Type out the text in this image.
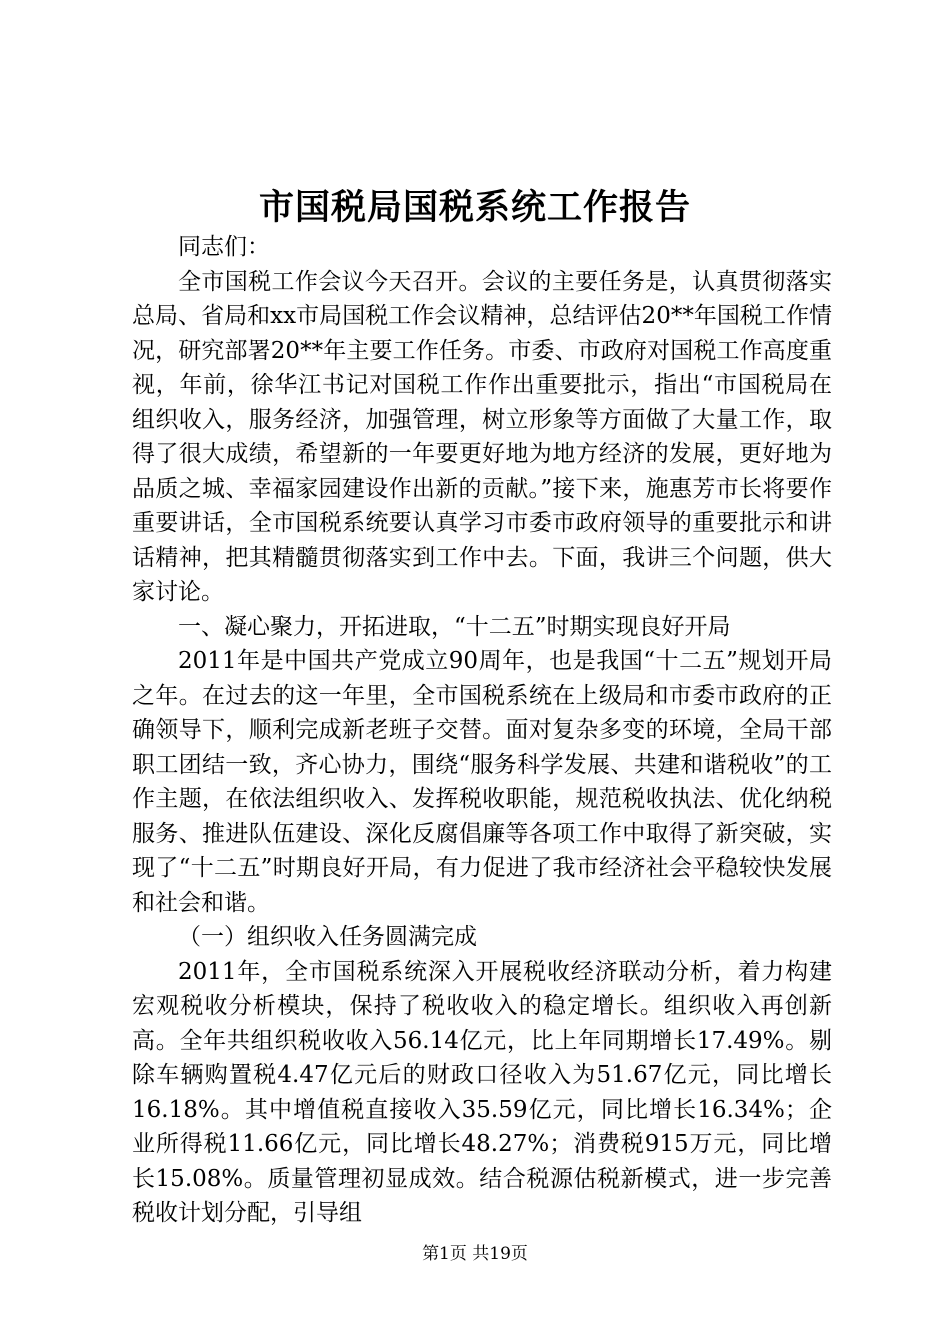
市国税局国税系统工作报告

同志们：

全市国税工作会议今天召开。会议的主要任务是，认真贯彻落实总局、省局和xx市局国税工作会议精神，总结评估20**年国税工作情况，研究部署20**年主要工作任务。市委、市政府对国税工作高度重视，年前，徐华江书记对国税工作作出重要批示，指出“市国税局在组织收入，服务经济，加强管理，树立形象等方面做了大量工作，取得了很大成绩，希望新的一年要更好地为地方经济的发展，更好地为品质之城、幸福家园建设作出新的贡献。”接下来，施惠芳市长将要作重要讲话，全市国税系统要认真学习市委市政府领导的重要批示和讲话精神，把其精髓贯彻落实到工作中去。下面，我讲三个问题，供大家讨论。

一、凝心聚力，开拓进取，“十二五”时期实现良好开局

2011年是中国共产党成立90周年，也是我国“十二五”规划开局之年。在过去的这一年里，全市国税系统在上级局和市委市政府的正确领导下，顺利完成新老班子交替。面对复杂多变的环境，全局干部职工团结一致，齐心协力，围绕“服务科学发展、共建和谐税收”的工作主题，在依法组织收入、发挥税收职能，规范税收执法、优化纳税服务、推进队伍建设、深化反腐倡廉等各项工作中取得了新突破，实现了“十二五”时期良好开局，有力促进了我市经济社会平稳较快发展和社会和谐。

（一）组织收入任务圆满完成

2011年，全市国税系统深入开展税收经济联动分析，着力构建宏观税收分析模块，保持了税收收入的稳定增长。组织收入再创新高。全年共组织税收收入56.14亿元，比上年同期增长17.49%。剔除车辆购置税4.47亿元后的财政口径收入为51.67亿元，同比增长16.18%。其中增值税直接收入35.59亿元，同比增长16.34%；企业所得税11.66亿元，同比增长48.27%；消费税915万元，同比增长15.08%。质量管理初显成效。结合税源估税新模式，进一步完善税收计划分配，引导组

第1页 共19页
